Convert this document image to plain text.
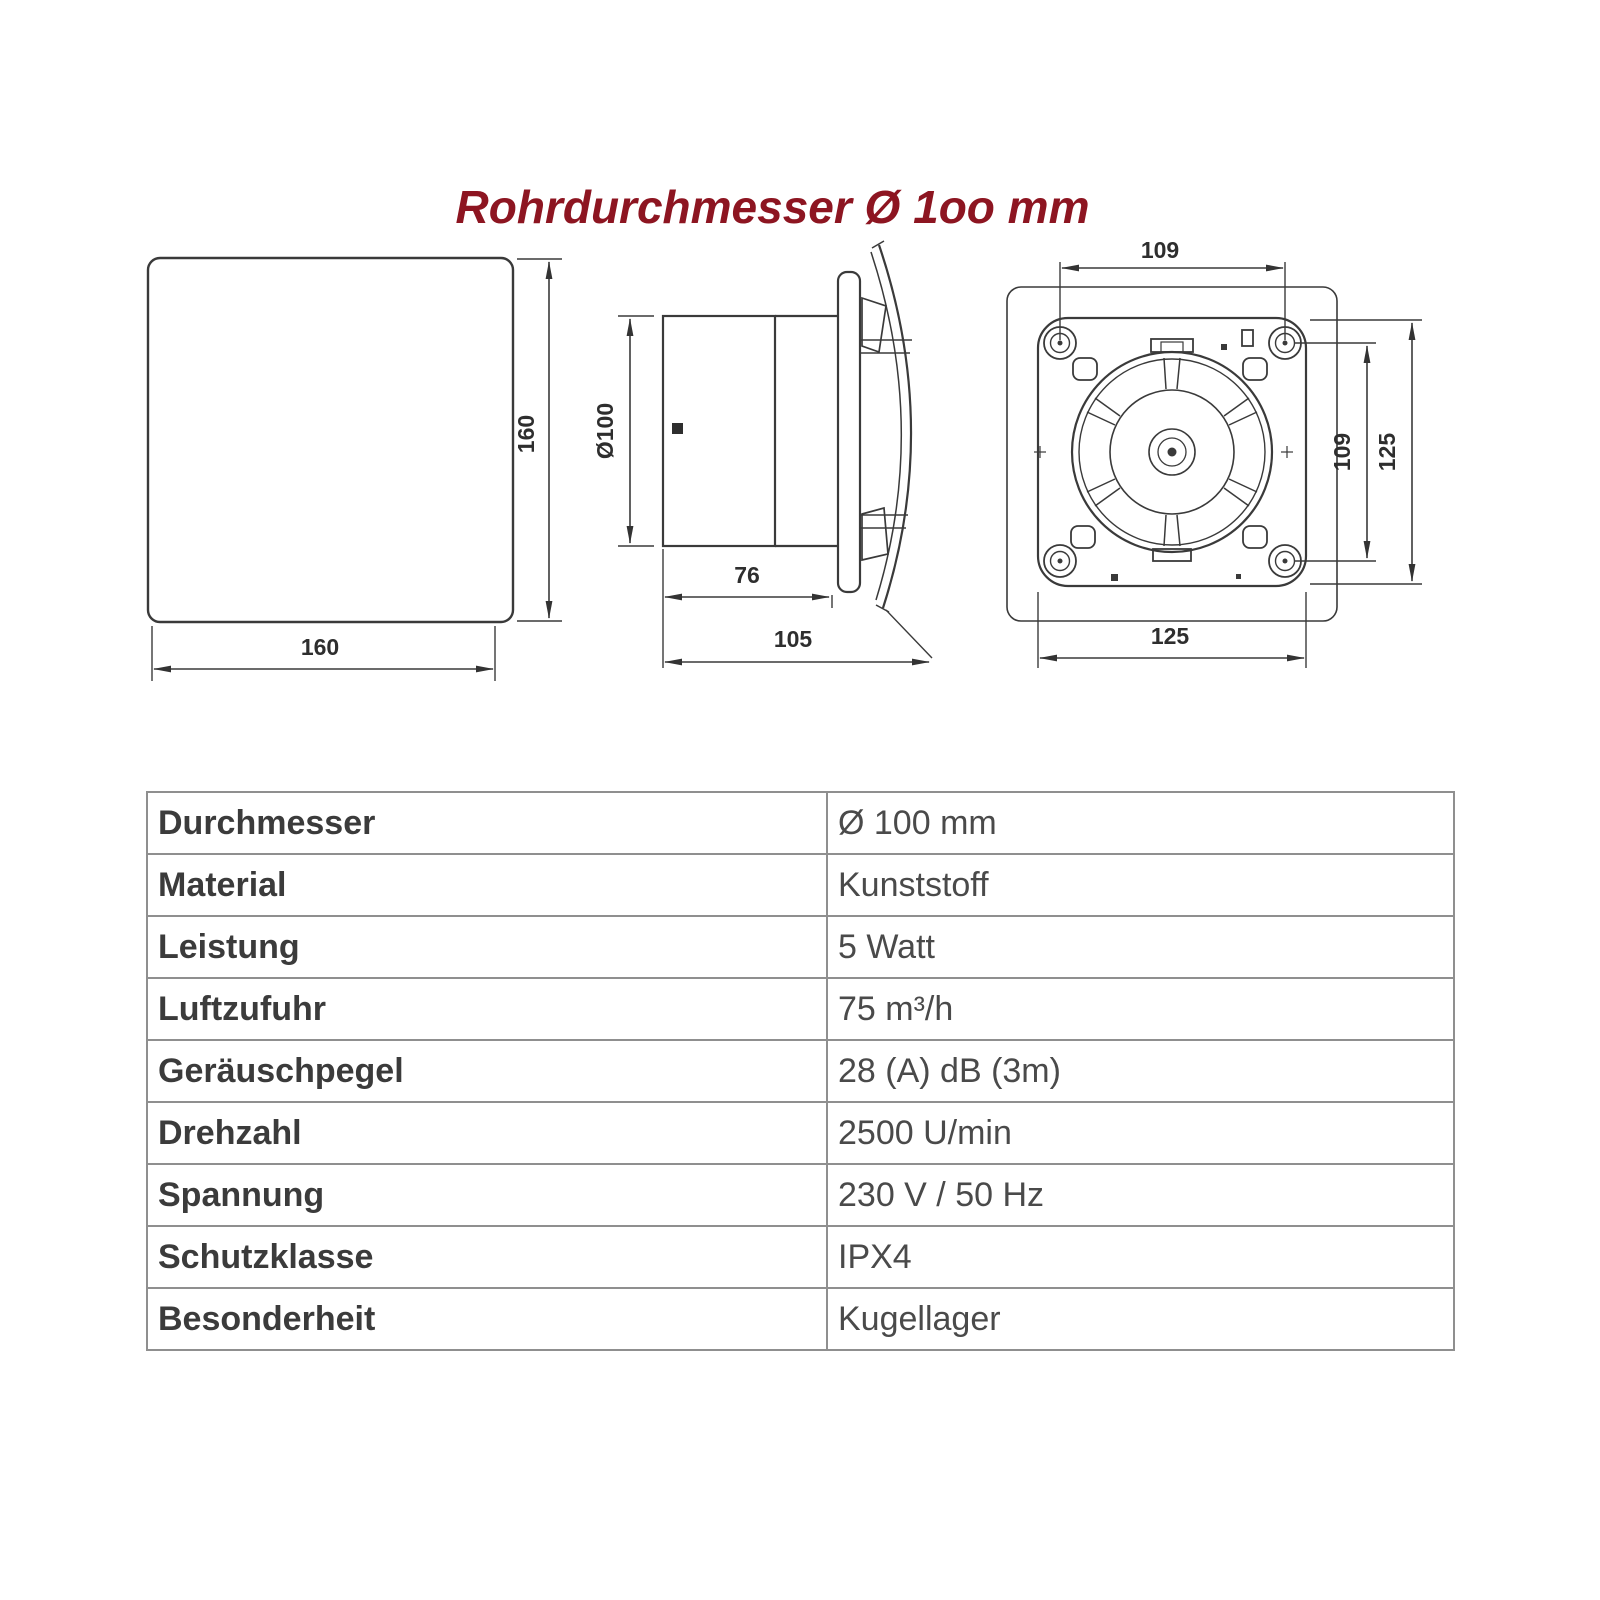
Rohrdurchmesser Ø 1oo mm
160
160
Ø100
76
105
109
109 125
125
Durchmesser	Ø 100 mm
Material	Kunststoff
Leistung	5 Watt
Luftzufuhr	75 m³/h
Geräuschpegel	28 (A) dB (3m)
Drehzahl	2500 U/min
Spannung	230 V / 50 Hz
Schutzklasse	IPX4
Besonderheit	Kugellager
